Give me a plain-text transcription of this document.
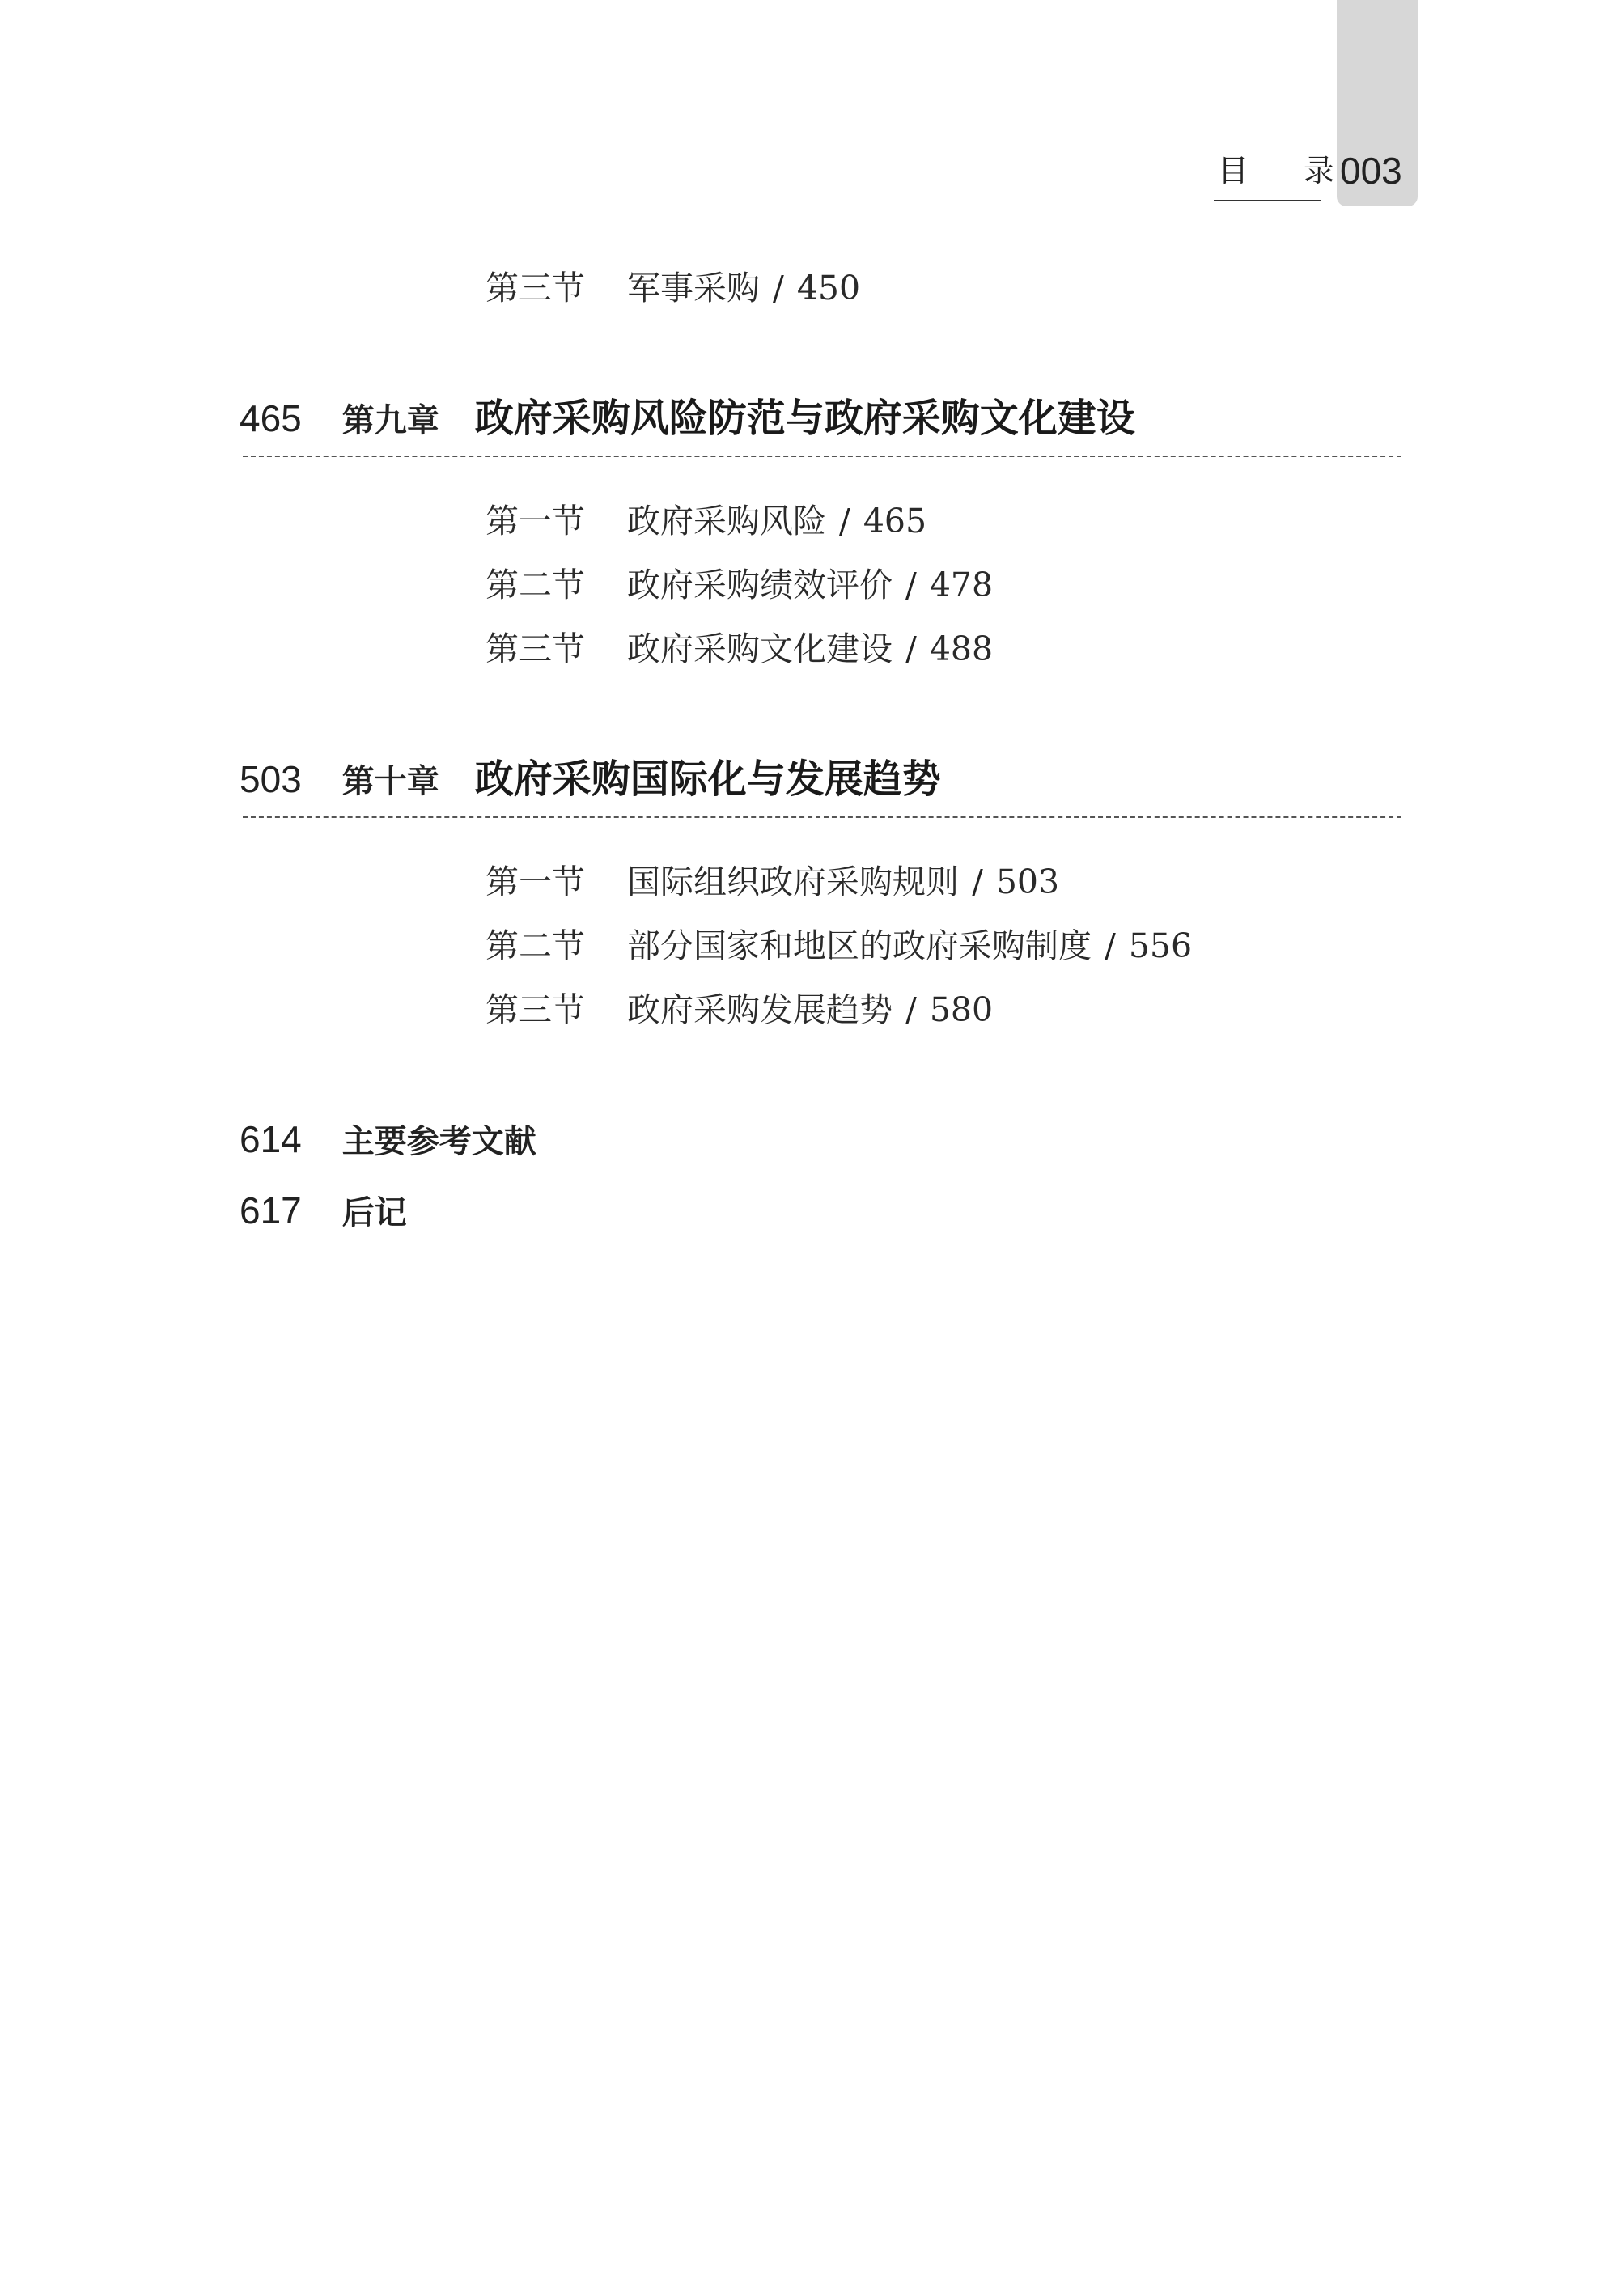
003
目 录
第三节 军事采购 / 450
465 第九章 政府采购风险防范与政府采购文化建设
第一节 政府采购风险 / 465
第二节 政府采购绩效评价 / 478
第三节 政府采购文化建设 / 488
503 第十章 政府采购国际化与发展趋势
第一节 国际组织政府采购规则 / 503
第二节 部分国家和地区的政府采购制度 / 556
第三节 政府采购发展趋势 / 580
614 主要参考文献
617 后记
